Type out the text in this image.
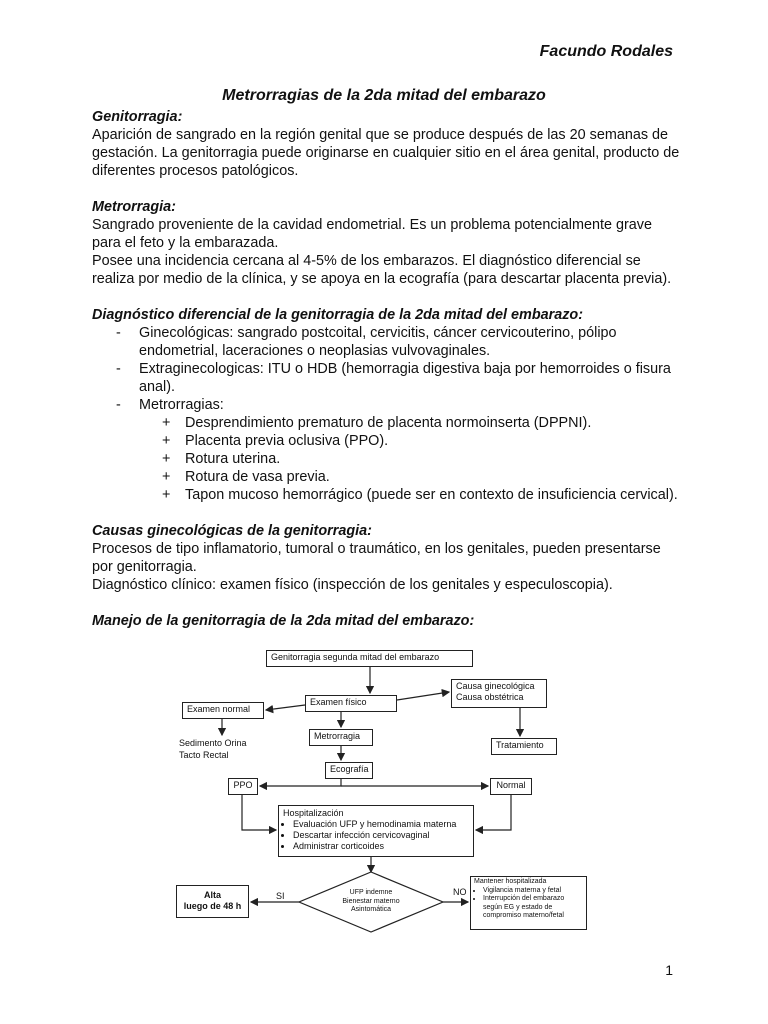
Facundo Rodales
Metrorragias de la 2da mitad del embarazo

Genitorragia:

Aparición de sangrado en la región genital que se produce después de las 20 semanas de gestación. La genitorragia puede originarse en cualquier sitio en el área genital, producto de diferentes procesos patológicos.

Metrorragia:

Sangrado proveniente de la cavidad endometrial. Es un problema potencialmente grave para el feto y la embarazada.

Posee una incidencia cercana al 4-5% de los embarazos. El diagnóstico diferencial se realiza por medio de la clínica, y se apoya en la ecografía (para descartar placenta previa).

Diagnóstico diferencial de la genitorragia de la 2da mitad del embarazo:

- Ginecológicas: sangrado postcoital, cervicitis, cáncer cervicouterino, pólipo endometrial, laceraciones o neoplasias vulvovaginales.
- Extraginecologicas: ITU o HDB (hemorragia digestiva baja por hemorroides o fisura anal).
- Metrorragias:
+ Desprendimiento prematuro de placenta normoinserta (DPPNI).
+ Placenta previa oclusiva (PPO).
+ Rotura uterina.
+ Rotura de vasa previa.
+ Tapon mucoso hemorrágico (puede ser en contexto de insuficiencia cervical).

Causas ginecológicas de la genitorragia:

Procesos de tipo inflamatorio, tumoral o traumático, en los genitales, pueden presentarse por genitorragia.

Diagnóstico clínico: examen físico (inspección de los genitales y especuloscopia).

Manejo de la genitorragia de la 2da mitad del embarazo:

Genitorragia segunda mitad del embarazo
Examen físico
Examen normal
Sedimento Orina
Tacto Rectal
Causa ginecológica
Causa obstétrica
Tratamiento
Metrorragia
Ecografía
PPO	Normal
Hospitalización
• Evaluación UFP y hemodinamia materna
• Descartar infección cervicovaginal
• Administrar corticoides
UFP indemne
Bienestar materno
Asintomática
SI	NO
Alta
luego de 48 h
Mantener hospitalizada
• Vigilancia materna y fetal
• Interrupción del embarazo según EG y estado de compromiso materno/fetal
1
